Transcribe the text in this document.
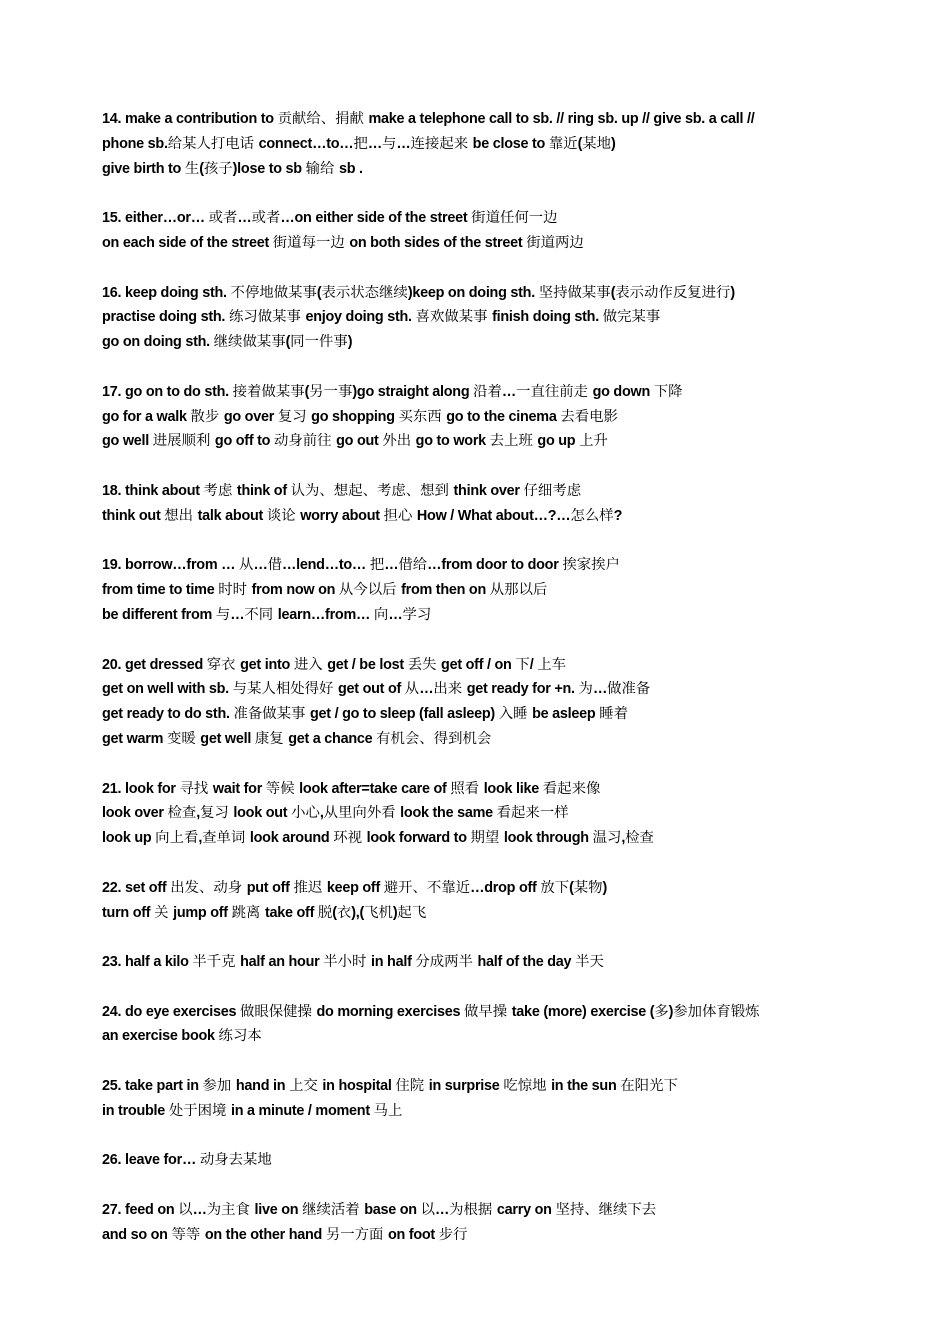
14. make a contribution to 贡献给、捐献 make a telephone call to sb. // ring sb. up // give sb. a call //
phone sb.给某人打电话 connect…to…把…与…连接起来 be close to 靠近(某地)
give birth to 生(孩子)lose to sb 输给 sb .
15. either…or… 或者…或者…on either side of the street 街道任何一边
on each side of the street 街道每一边 on both sides of the street 街道两边
16. keep doing sth. 不停地做某事(表示状态继续)keep on doing sth. 坚持做某事(表示动作反复进行)
practise doing sth. 练习做某事 enjoy doing sth. 喜欢做某事 finish doing sth. 做完某事
go on doing sth. 继续做某事(同一件事)
17. go on to do sth. 接着做某事(另一事)go straight along 沿着…一直往前走 go down 下降
go for a walk 散步 go over 复习 go shopping 买东西 go to the cinema 去看电影
go well 进展顺利 go off to 动身前往 go out 外出 go to work 去上班 go up 上升
18. think about 考虑 think of 认为、想起、考虑、想到 think over 仔细考虑
think out 想出 talk about 谈论 worry about 担心 How / What about…?…怎么样?
19. borrow…from … 从…借…lend…to… 把…借给…from door to door 挨家挨户
from time to time 时时 from now on 从今以后 from then on 从那以后
be different from 与…不同 learn…from… 向…学习
20. get dressed 穿衣 get into 进入 get / be lost 丢失 get off / on 下/ 上车
get on well with sb. 与某人相处得好 get out of 从…出来 get ready for +n. 为…做准备
get ready to do sth. 准备做某事 get / go to sleep (fall asleep) 入睡 be asleep 睡着
get warm 变暖 get well 康复 get a chance 有机会、得到机会
21. look for 寻找 wait for 等候 look after=take care of 照看 look like 看起来像
look over 检查,复习 look out 小心,从里向外看 look the same 看起来一样
look up 向上看,查单词 look around 环视 look forward to 期望 look through 温习,检查
22. set off 出发、动身 put off 推迟 keep off 避开、不靠近…drop off 放下(某物)
turn off 关 jump off 跳离 take off 脱(衣),(飞机)起飞
23. half a kilo 半千克 half an hour 半小时 in half 分成两半 half of the day 半天
24. do eye exercises 做眼保健操 do morning exercises 做早操 take (more) exercise (多)参加体育锻炼
an exercise book 练习本
25. take part in 参加 hand in 上交 in hospital 住院 in surprise 吃惊地 in the sun 在阳光下
in trouble 处于困境 in a minute / moment 马上
26. leave for… 动身去某地
27. feed on 以…为主食 live on 继续活着 base on 以…为根据 carry on 坚持、继续下去
and so on 等等 on the other hand 另一方面 on foot 步行
